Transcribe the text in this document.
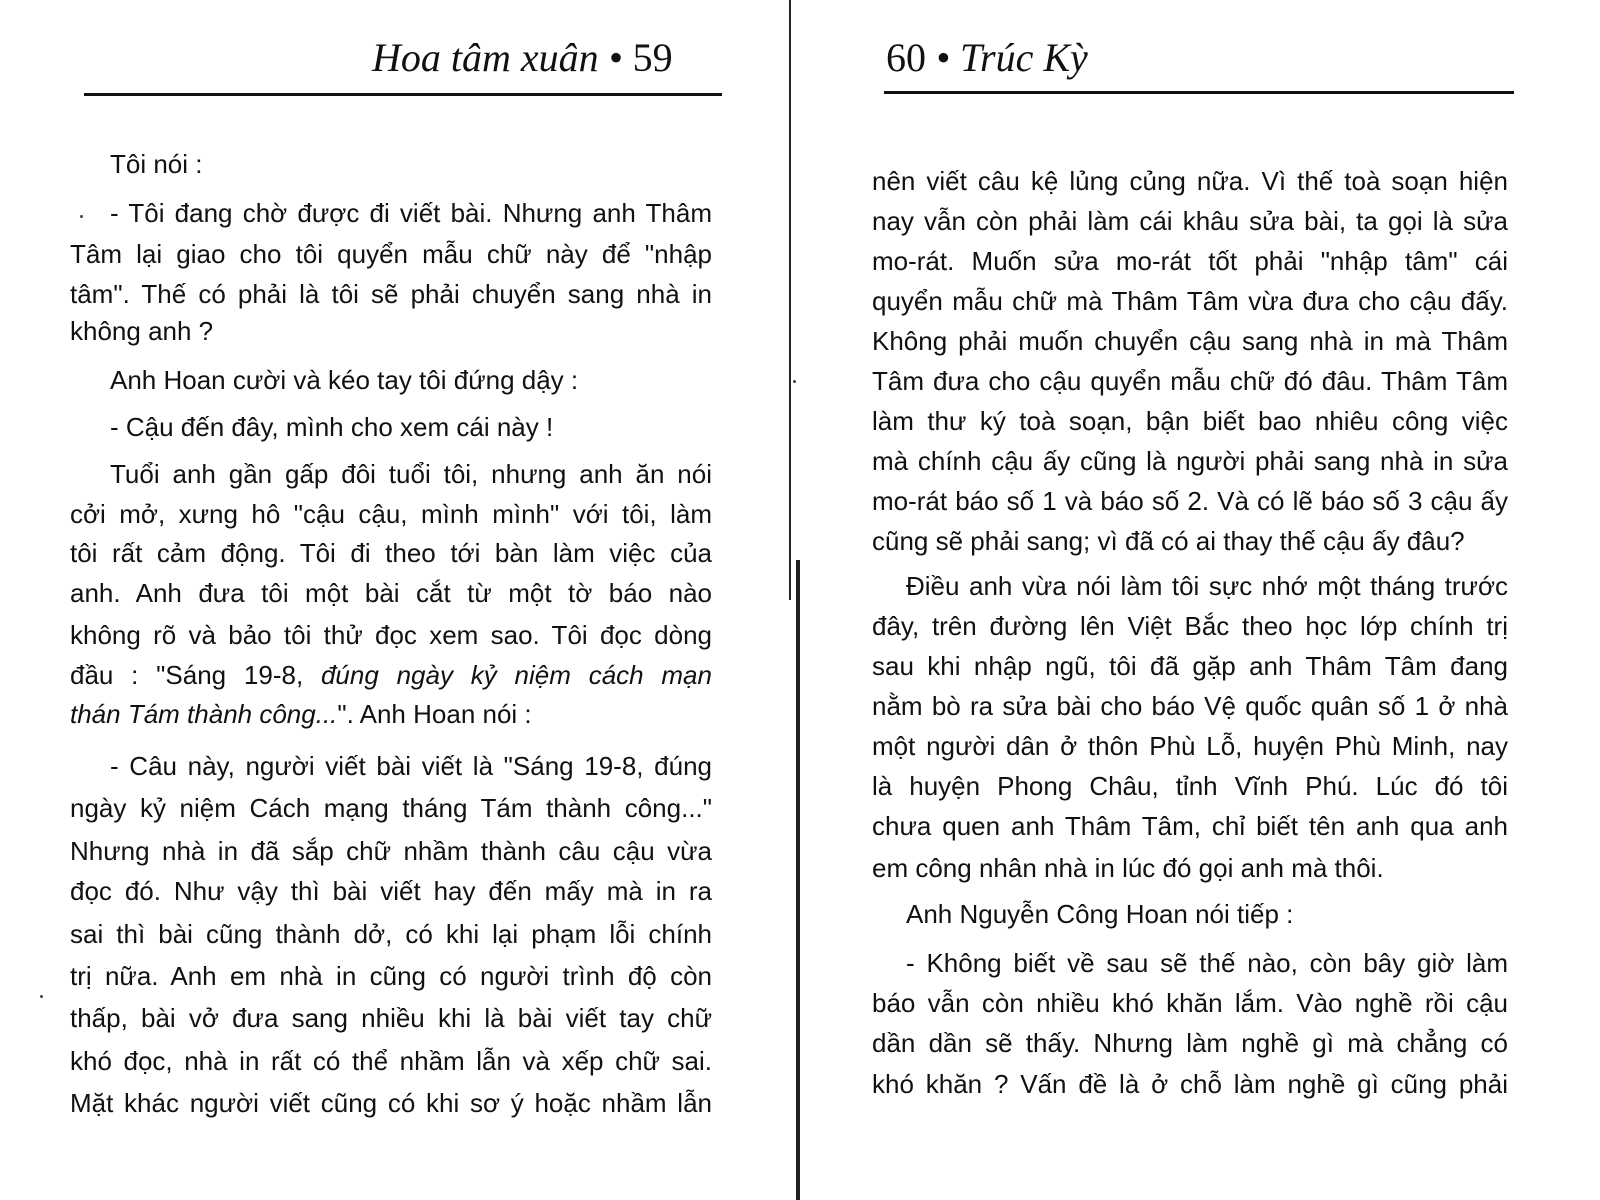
Hoa tâm xuân • 59	60 • Trúc Kỳ
Tôi nói :
- Tôi đang chờ được đi viết bài. Nhưng anh Thâm
Tâm lại giao cho tôi quyển mẫu chữ này để "nhập
tâm". Thế có phải là tôi sẽ phải chuyển sang nhà in
không anh ?
Anh Hoan cười và kéo tay tôi đứng dậy :
- Cậu đến đây, mình cho xem cái này !
Tuổi anh gần gấp đôi tuổi tôi, nhưng anh ăn nói
cởi mở, xưng hô "cậu cậu, mình mình" với tôi, làm
tôi rất cảm động. Tôi đi theo tới bàn làm việc của
anh. Anh đưa tôi một bài cắt từ một tờ báo nào
không rõ và bảo tôi thử đọc xem sao. Tôi đọc dòng
đầu : "Sáng 19-8, đúng ngày kỷ niệm cách mạn
thán Tám thành công...". Anh Hoan nói :
- Câu này, người viết bài viết là "Sáng 19-8, đúng
ngày kỷ niệm Cách mạng tháng Tám thành công..."
Nhưng nhà in đã sắp chữ nhầm thành câu cậu vừa
đọc đó. Như vậy thì bài viết hay đến mấy mà in ra
sai thì bài cũng thành dở, có khi lại phạm lỗi chính
trị nữa. Anh em nhà in cũng có người trình độ còn
thấp, bài vở đưa sang nhiều khi là bài viết tay chữ
khó đọc, nhà in rất có thể nhầm lẫn và xếp chữ sai.
Mặt khác người viết cũng có khi sơ ý hoặc nhầm lẫn
nên viết câu kệ lủng củng nữa. Vì thế toà soạn hiện
nay vẫn còn phải làm cái khâu sửa bài, ta gọi là sửa
mo-rát. Muốn sửa mo-rát tốt phải "nhập tâm" cái
quyển mẫu chữ mà Thâm Tâm vừa đưa cho cậu đấy.
Không phải muốn chuyển cậu sang nhà in mà Thâm
Tâm đưa cho cậu quyển mẫu chữ đó đâu. Thâm Tâm
làm thư ký toà soạn, bận biết bao nhiêu công việc
mà chính cậu ấy cũng là người phải sang nhà in sửa
mo-rát báo số 1 và báo số 2. Và có lẽ báo số 3 cậu ấy
cũng sẽ phải sang; vì đã có ai thay thế cậu ấy đâu?
Điều anh vừa nói làm tôi sực nhớ một tháng trước
đây, trên đường lên Việt Bắc theo học lớp chính trị
sau khi nhập ngũ, tôi đã gặp anh Thâm Tâm đang
nằm bò ra sửa bài cho báo Vệ quốc quân số 1 ở nhà
một người dân ở thôn Phù Lỗ, huyện Phù Minh, nay
là huyện Phong Châu, tỉnh Vĩnh Phú. Lúc đó tôi
chưa quen anh Thâm Tâm, chỉ biết tên anh qua anh
em công nhân nhà in lúc đó gọi anh mà thôi.
Anh Nguyễn Công Hoan nói tiếp :
- Không biết về sau sẽ thế nào, còn bây giờ làm
báo vẫn còn nhiều khó khăn lắm. Vào nghề rồi cậu
dần dần sẽ thấy. Nhưng làm nghề gì mà chẳng có
khó khăn ? Vấn đề là ở chỗ làm nghề gì cũng phải
